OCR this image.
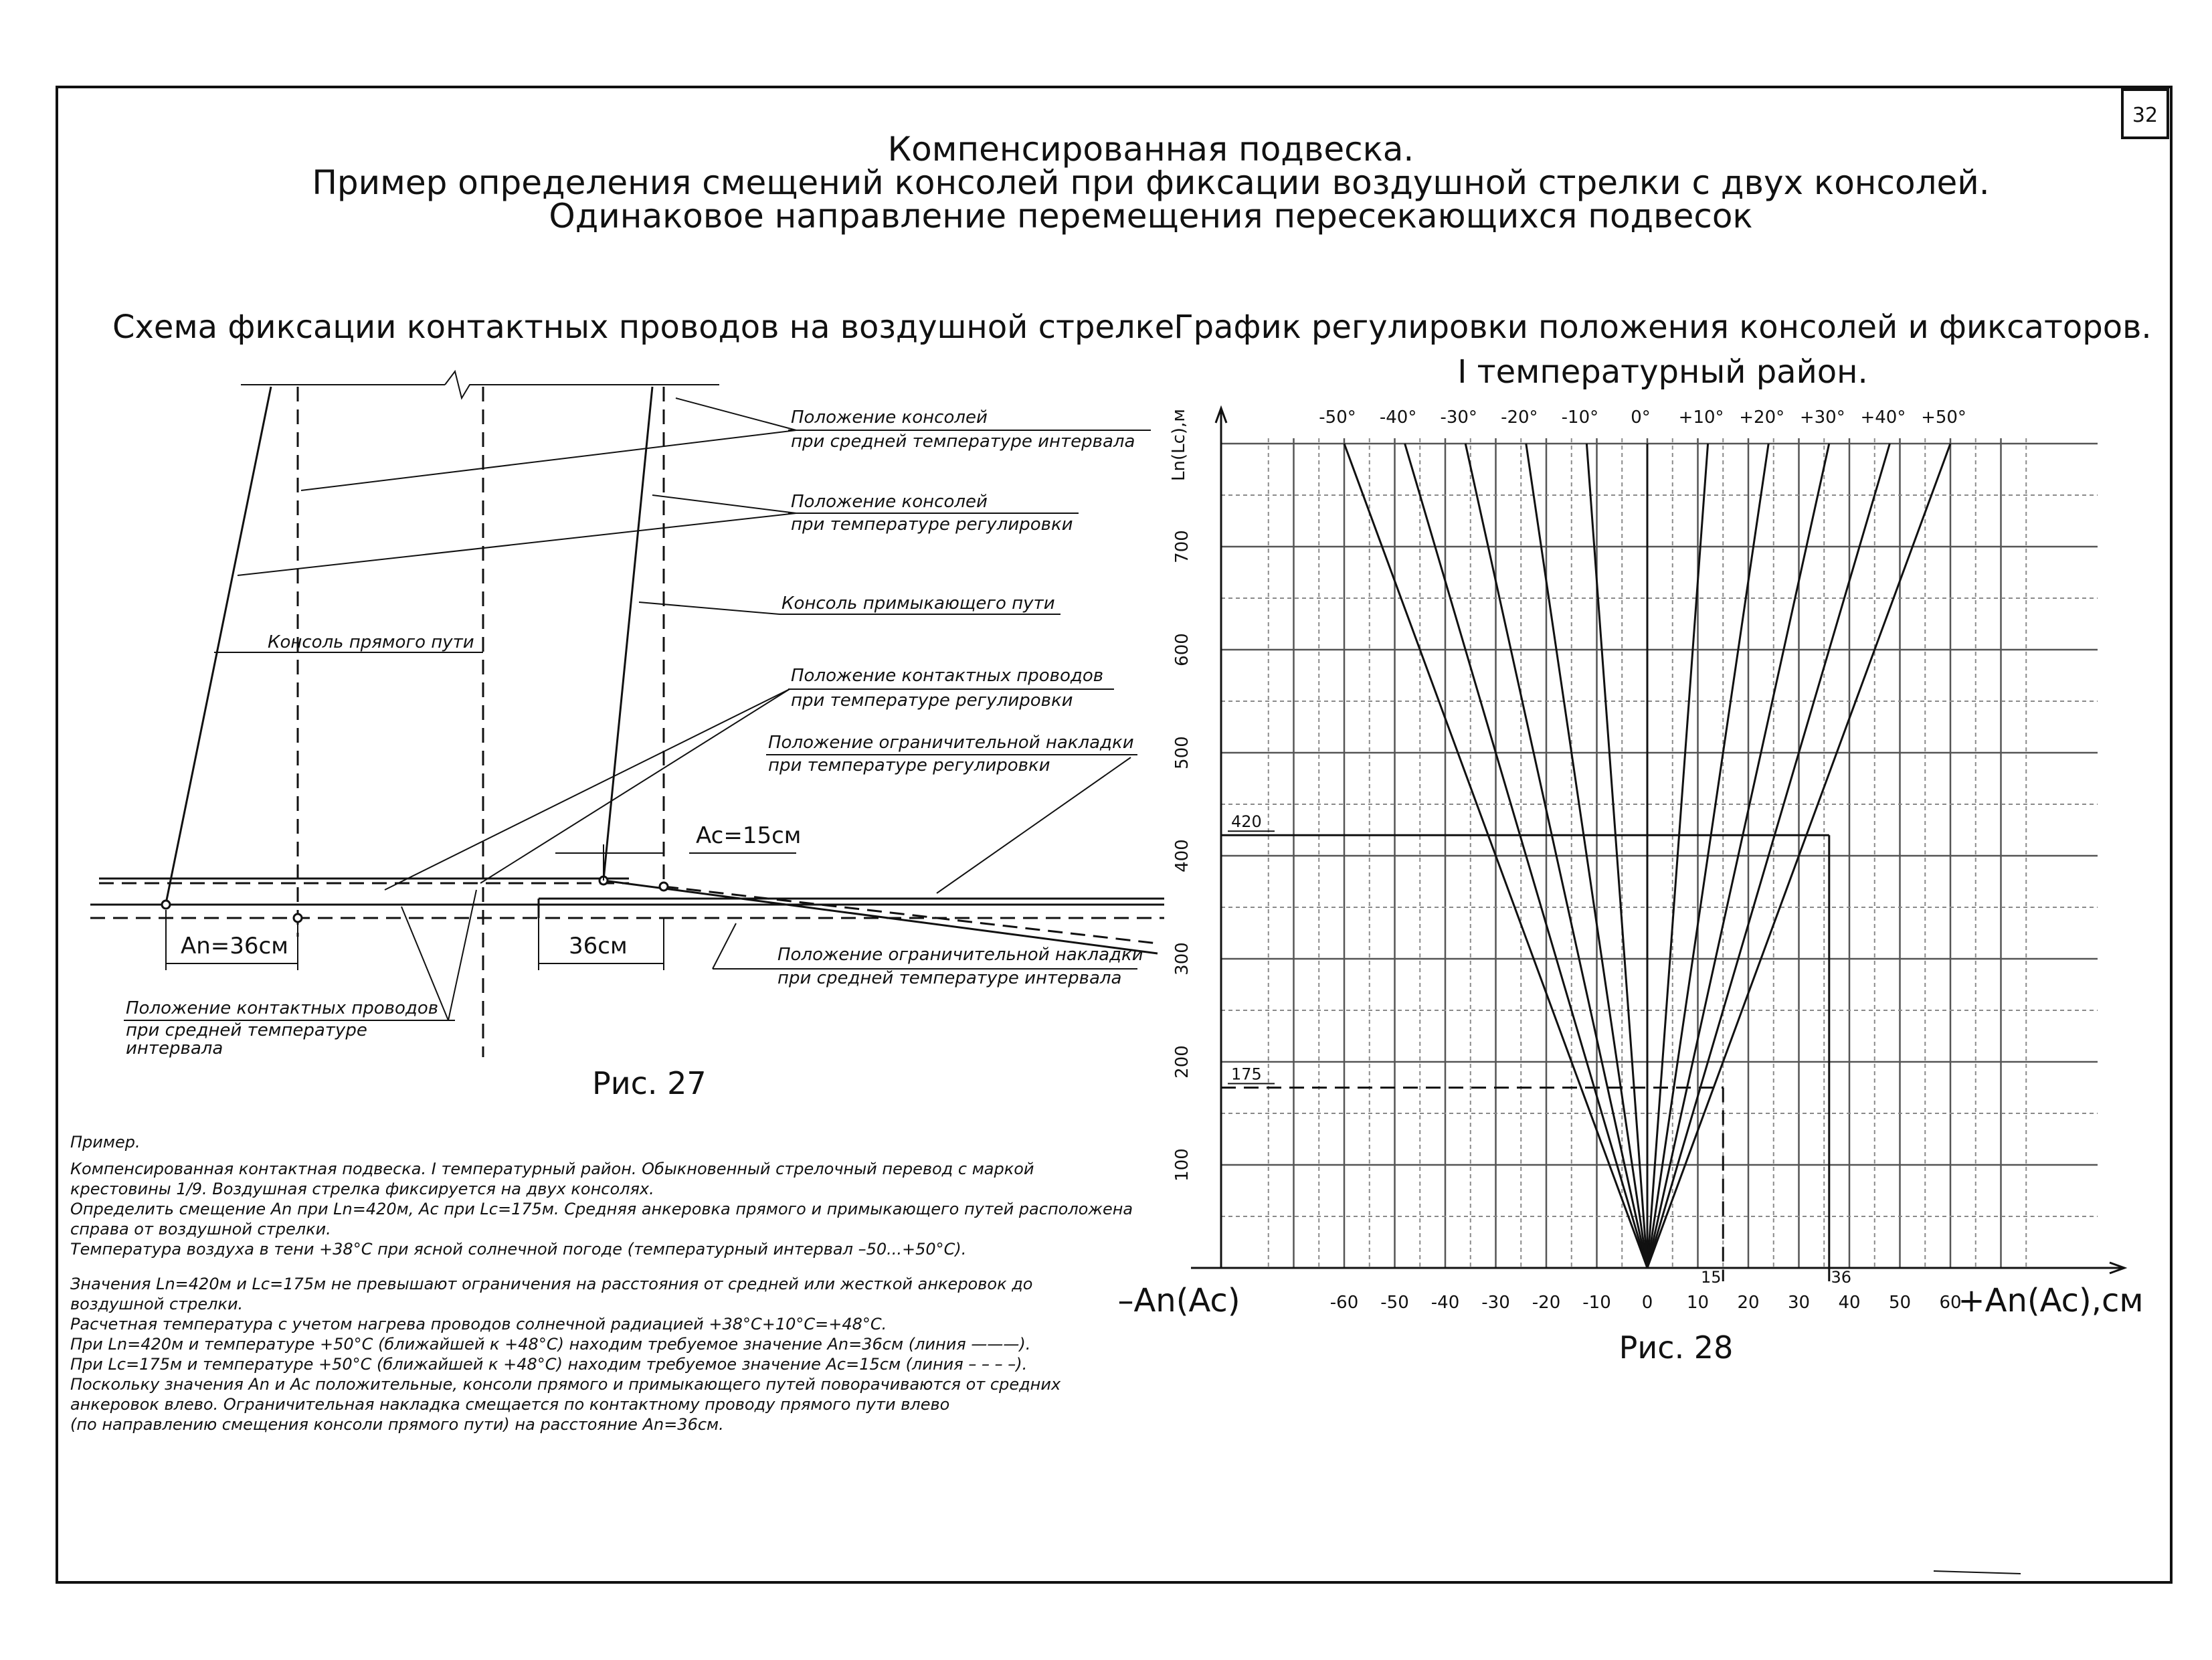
32
Компенсированная подвеска.
Пример определения смещений консолей при фиксации воздушной стрелки с двух консолей.
Одинаковое направление перемещения пересекающихся подвесок
Схема фиксации контактных проводов на воздушной стрелке
Ac=15см
An=36см	36см
Положение консолей
при средней температуре интервала
Положение консолей
при температуре регулировки
Консоль примыкающего пути
Консоль прямого пути
Положение контактных проводов
при температуре регулировки
Положение ограничительной накладки
при температуре регулировки
Положение ограничительной накладки
при средней температуре интервала
Положение контактных проводов
при средней температуре
интервала
Рис. 27
Пример.
Компенсированная контактная подвеска. I температурный район. Обыкновенный стрелочный перевод с маркой
крестовины 1/9. Воздушная стрелка фиксируется на двух консолях.
Определить смещение An при Ln=420м, Ac при Lc=175м. Средняя анкеровка прямого и примыкающего путей расположена
справа от воздушной стрелки.
Температура воздуха в тени +38°C при ясной солнечной погоде (температурный интервал –50...+50°C).
Значения Ln=420м и Lc=175м не превышают ограничения на расстояния от средней или жесткой анкеровок до
воздушной стрелки.
Расчетная температура с учетом нагрева проводов солнечной радиацией +38°C+10°C=+48°C.
При Ln=420м и температуре +50°C (ближайшей к +48°C) находим требуемое значение An=36см (линия ———).
При Lc=175м и температуре +50°C (ближайшей к +48°C) находим требуемое значение Ac=15см (линия – – – –).
Поскольку значения An и Ac положительные, консоли прямого и примыкающего путей поворачиваются от средних
анкеровок влево. Ограничительная накладка смещается по контактному проводу прямого пути влево
(по направлению смещения консоли прямого пути) на расстояние An=36см.
График регулировки положения консолей и фиксаторов.
I температурный район.
-50° -40° -30° -20° -10° 0° +10° +20° +30° +40° +50°
-60 -50 -40 -30 -20 -10 0 10 20 30 40 50 60
100
200
300
400
500
600
700
Ln(Lc),м
–An(Ac)	+An(Ac),см
420
36
175
15
Рис. 28
